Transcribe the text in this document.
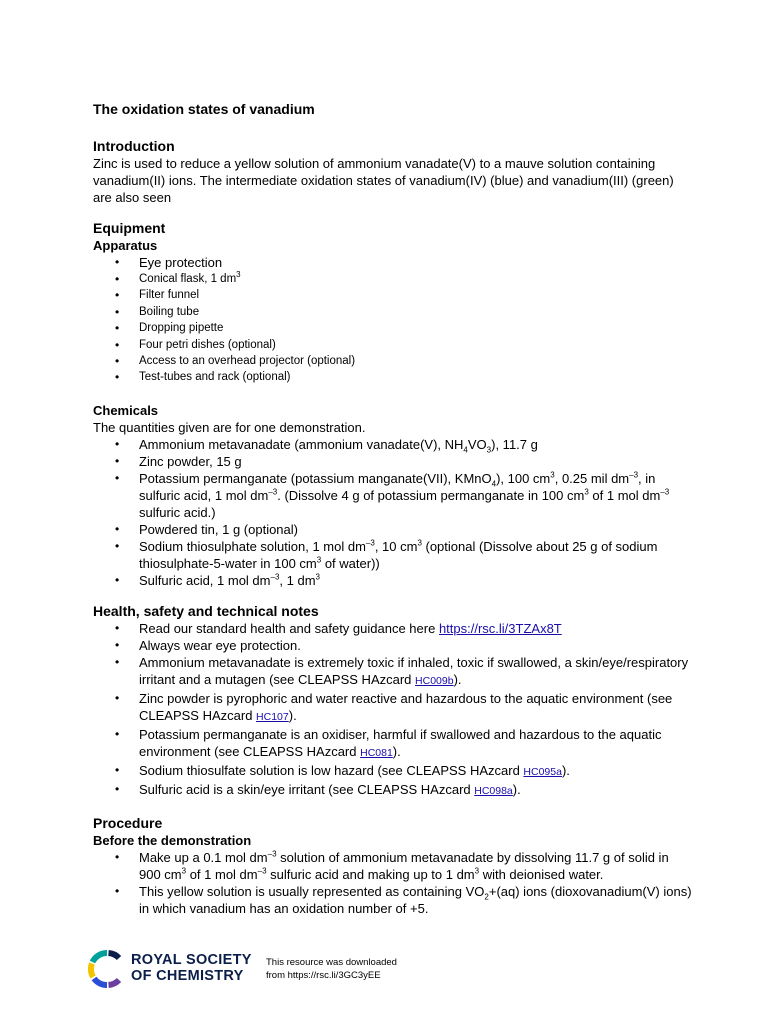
The oxidation states of vanadium
Introduction

Zinc is used to reduce a yellow solution of ammonium vanadate(V) to a mauve solution containing vanadium(II) ions. The intermediate oxidation states of vanadium(IV) (blue) and vanadium(III) (green) are also seen

Equipment
Apparatus
• Eye protection
• Conical flask, 1 $dm^3$
• Filter funnel
• Boiling tube
• Dropping pipette
• Four petri dishes (optional)
• Access to an overhead projector (optional)
• Test-tubes and rack (optional)
Chemicals

The quantities given are for one demonstration.

• Ammonium metavanadate (ammonium vanadate(V), $NH_4VO_3$), 11.7 g
• Zinc powder, 15 g
• Potassium permanganate (potassium manganate(VII), KMnO$_4$), 100 $cm^3$, 0.25 mil $dm^{-3}$, in sulfuric acid, 1 mol $dm^{-3}$. (Dissolve 4 g of potassium permanganate in 100 $cm^3$ of 1 mol $dm^{-3}$ sulfuric acid.)
• Powdered tin, 1 g (optional)
• Sodium thiosulphate solution, 1 mol $dm^{-3}$, 10 $cm^3$ (optional (Dissolve about 25 g of sodium thiosulphate-5-water in 100 $cm^3$ of water))
• Sulfuric acid, 1 mol $dm^{-3}$, 1 $dm^3$
Health, safety and technical notes
• Read our standard health and safety guidance here https://rsc.li/3TZAx8T
• Always wear eye protection.
• Ammonium metavanadate is extremely toxic if inhaled, toxic if swallowed, a skin/eye/respiratory irritant and a mutagen (see CLEAPSS HAzcard HC009b).
• Zinc powder is pyrophoric and water reactive and hazardous to the aquatic environment (see CLEAPSS HAzcard HC107).
• Potassium permanganate is an oxidiser, harmful if swallowed and hazardous to the aquatic environment (see CLEAPSS HAzcard HC081).
• Sodium thiosulfate solution is low hazard (see CLEAPSS HAzcard HC095a).
• Sulfuric acid is a skin/eye irritant (see CLEAPSS HAzcard HC098a).
Procedure
Before the demonstration
• Make up a 0.1 mol $dm^{-3}$ solution of ammonium metavanadate by dissolving 11.7 g of solid in 900 $cm^3$ of 1 mol $dm^{-3}$ sulfuric acid and making up to 1 $dm^3$ with deionised water.
• This yellow solution is usually represented as containing $VO_2+(aq)$ ions (dioxovanadium(V) ions) in which vanadium has an oxidation number of +5.
ROYAL SOCIETY
OF CHEMISTRY
This resource was downloaded
from https://rsc.li/3GC3yEE
